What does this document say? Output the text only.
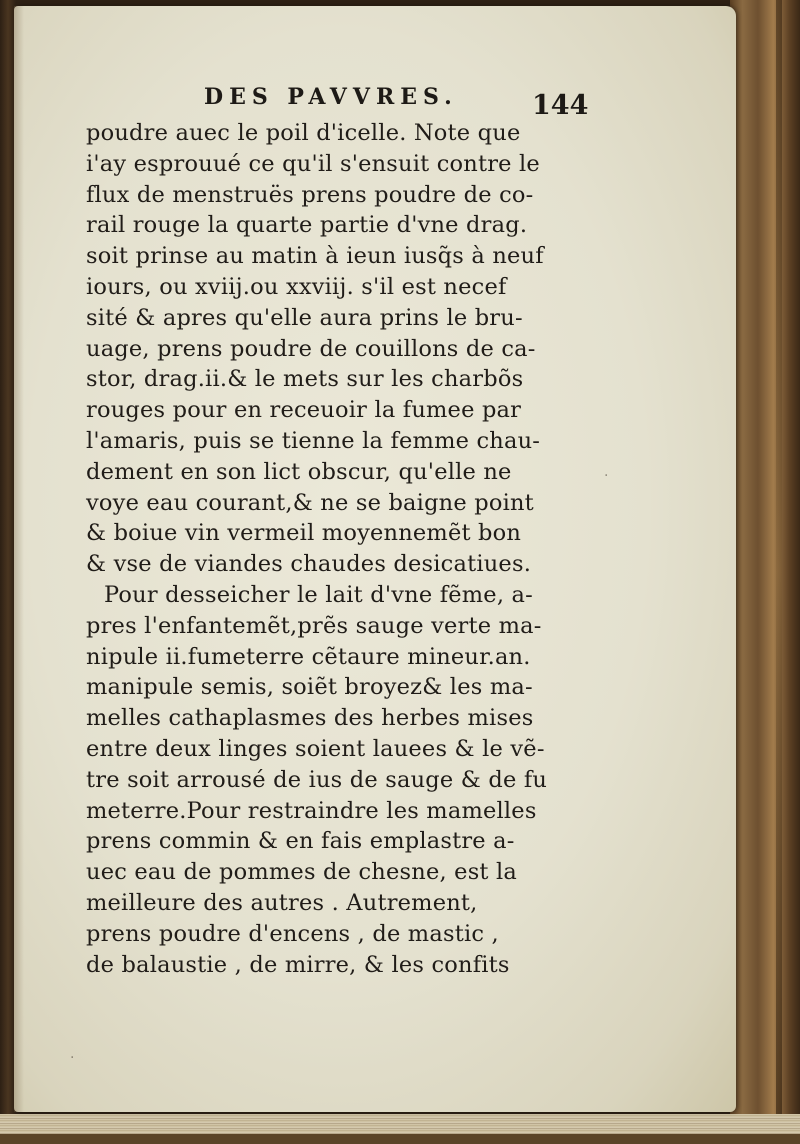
DES PAVVRES.	144
poudre auec le poil d'icelle. Note que
i'ay esprouué ce qu'il s'ensuit contre le
flux de menstruës prens poudre de co-
rail rouge la quarte partie d'vne drag.
soit prinse au matin à ieun iusq̃s à neuf
iours, ou xviij.ou xxviij. s'il est necef
sité & apres qu'elle aura prins le bru-
uage, prens poudre de couillons de ca-
stor, drag.ii.& le mets sur les charbõs
rouges pour en receuoir la fumee par
l'amaris, puis se tienne la femme chau-
dement en son lict obscur, qu'elle ne
voye eau courant,& ne se baigne point
& boiue vin vermeil moyennemẽt bon
& vse de viandes chaudes desicatiues.
Pour desseicher le lait d'vne fẽme, a-
pres l'enfantemẽt,prẽs sauge verte ma-
nipule ii.fumeterre cẽtaure mineur.an.
manipule semis, soiẽt broyez& les ma-
melles cathaplasmes des herbes mises
entre deux linges soient lauees & le vẽ-
tre soit arrousé de ius de sauge & de fu
meterre.Pour restraindre les mamelles
prens commin & en fais emplastre a-
uec eau de pommes de chesne, est la
meilleure des autres . Autrement,
prens poudre d'encens , de mastic ,
de balaustie , de mirre, & les confits
.
.
